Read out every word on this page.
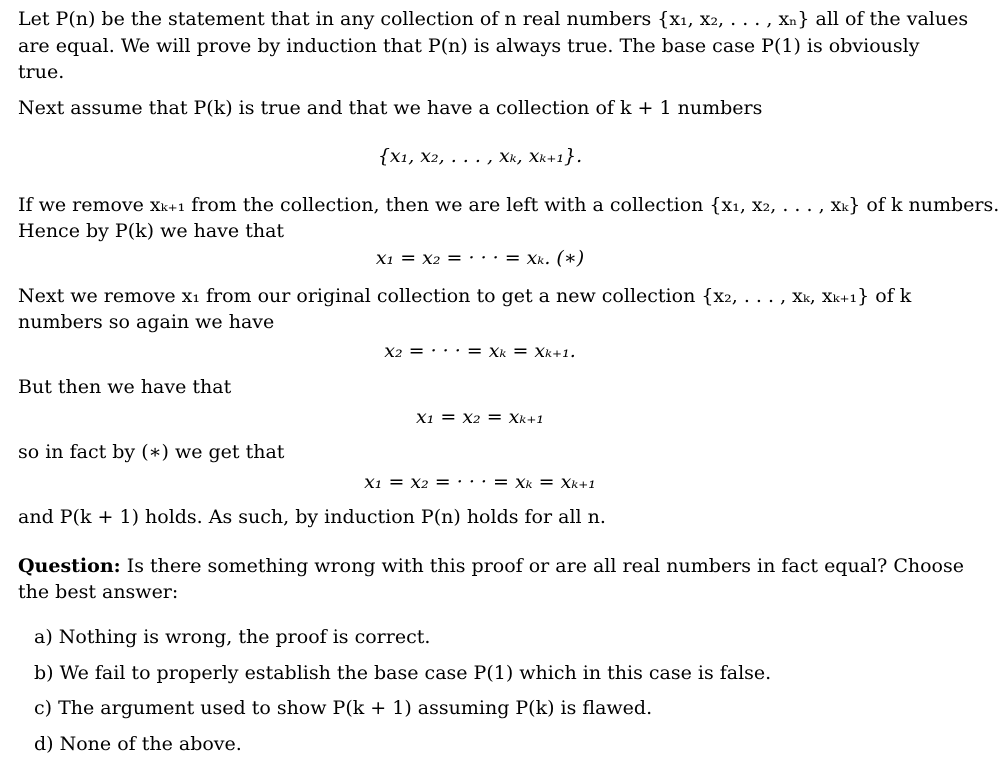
Let P(n) be the statement that in any collection of n real numbers {x₁, x₂, . . . , xₙ} all of the values
are equal. We will prove by induction that P(n) is always true. The base case P(1) is obviously
true.
Next assume that P(k) is true and that we have a collection of k + 1 numbers
{x₁, x₂, . . . , xₖ, xₖ₊₁}.
If we remove xₖ₊₁ from the collection, then we are left with a collection {x₁, x₂, . . . , xₖ} of k numbers.
Hence by P(k) we have that
x₁ = x₂ = · · · = xₖ. (∗)
Next we remove x₁ from our original collection to get a new collection {x₂, . . . , xₖ, xₖ₊₁} of k
numbers so again we have
x₂ = · · · = xₖ = xₖ₊₁.
But then we have that
x₁ = x₂ = xₖ₊₁
so in fact by (∗) we get that
x₁ = x₂ = · · · = xₖ = xₖ₊₁
and P(k + 1) holds. As such, by induction P(n) holds for all n.
Question: Is there something wrong with this proof or are all real numbers in fact equal? Choose
the best answer:
a) Nothing is wrong, the proof is correct.
b) We fail to properly establish the base case P(1) which in this case is false.
c) The argument used to show P(k + 1) assuming P(k) is flawed.
d) None of the above.
